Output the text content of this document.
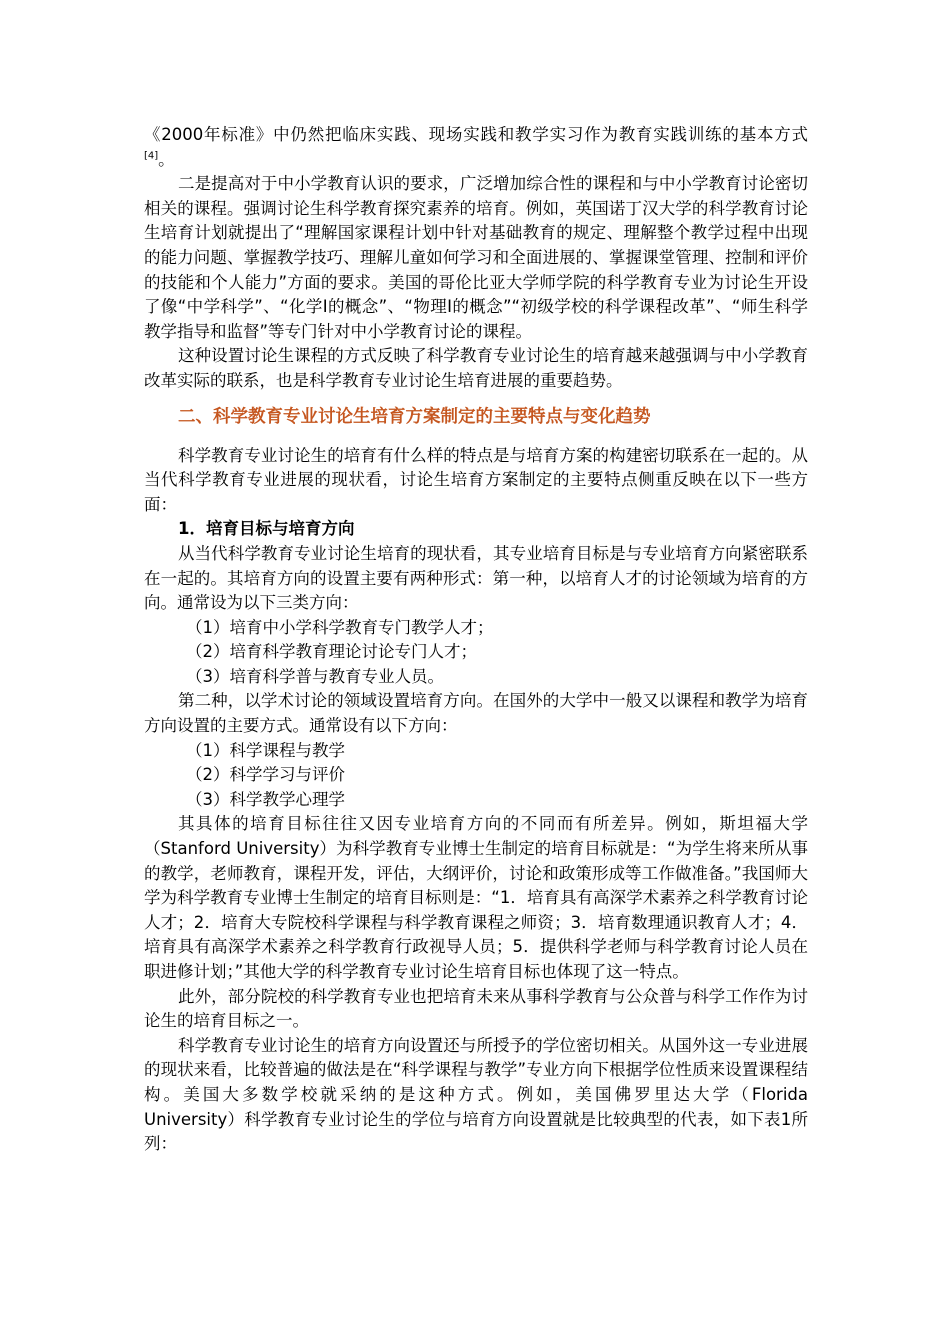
《2000年标准》中仍然把临床实践、现场实践和教学实习作为教育实践训练的基本方式[4]。

二是提高对于中小学教育认识的要求，广泛增加综合性的课程和与中小学教育讨论密切相关的课程。强调讨论生科学教育探究素养的培育。例如，英国诺丁汉大学的科学教育讨论生培育计划就提出了“理解国家课程计划中针对基础教育的规定、理解整个教学过程中出现的能力问题、掌握教学技巧、理解儿童如何学习和全面进展的、掌握课堂管理、控制和评价的技能和个人能力”方面的要求。美国的哥伦比亚大学师学院的科学教育专业为讨论生开设了像“中学科学”、“化学Ⅰ的概念”、“物理Ⅰ的概念”“初级学校的科学课程改革”、“师生科学教学指导和监督”等专门针对中小学教育讨论的课程。

这种设置讨论生课程的方式反映了科学教育专业讨论生的培育越来越强调与中小学教育改革实际的联系，也是科学教育专业讨论生培育进展的重要趋势。

二、科学教育专业讨论生培育方案制定的主要特点与变化趋势

科学教育专业讨论生的培育有什么样的特点是与培育方案的构建密切联系在一起的。从当代科学教育专业进展的现状看，讨论生培育方案制定的主要特点侧重反映在以下一些方面：

1．培育目标与培育方向

从当代科学教育专业讨论生培育的现状看，其专业培育目标是与专业培育方向紧密联系在一起的。其培育方向的设置主要有两种形式：第一种，以培育人才的讨论领域为培育的方向。通常设为以下三类方向：

（1）培育中小学科学教育专门教学人才；
（2）培育科学教育理论讨论专门人才；
（3）培育科学普与教育专业人员。

第二种，以学术讨论的领域设置培育方向。在国外的大学中一般又以课程和教学为培育方向设置的主要方式。通常设有以下方向：

（1）科学课程与教学
（2）科学学习与评价
（3）科学教学心理学

其具体的培育目标往往又因专业培育方向的不同而有所差异。例如，斯坦福大学（Stanford University）为科学教育专业博士生制定的培育目标就是：“为学生将来所从事的教学，老师教育，课程开发，评估，大纲评价，讨论和政策形成等工作做准备。”我国师大学为科学教育专业博士生制定的培育目标则是：“1．培育具有高深学术素养之科学教育讨论人才；2．培育大专院校科学课程与科学教育课程之师资；3．培育数理通识教育人才；4．培育具有高深学术素养之科学教育行政视导人员；5．提供科学老师与科学教育讨论人员在职进修计划；”其他大学的科学教育专业讨论生培育目标也体现了这一特点。

此外，部分院校的科学教育专业也把培育未来从事科学教育与公众普与科学工作作为讨论生的培育目标之一。

科学教育专业讨论生的培育方向设置还与所授予的学位密切相关。从国外这一专业进展的现状来看，比较普遍的做法是在“科学课程与教学”专业方向下根据学位性质来设置课程结构。美国大多数学校就采纳的是这种方式。例如，美国佛罗里达大学（Florida University）科学教育专业讨论生的学位与培育方向设置就是比较典型的代表，如下表1所列：
